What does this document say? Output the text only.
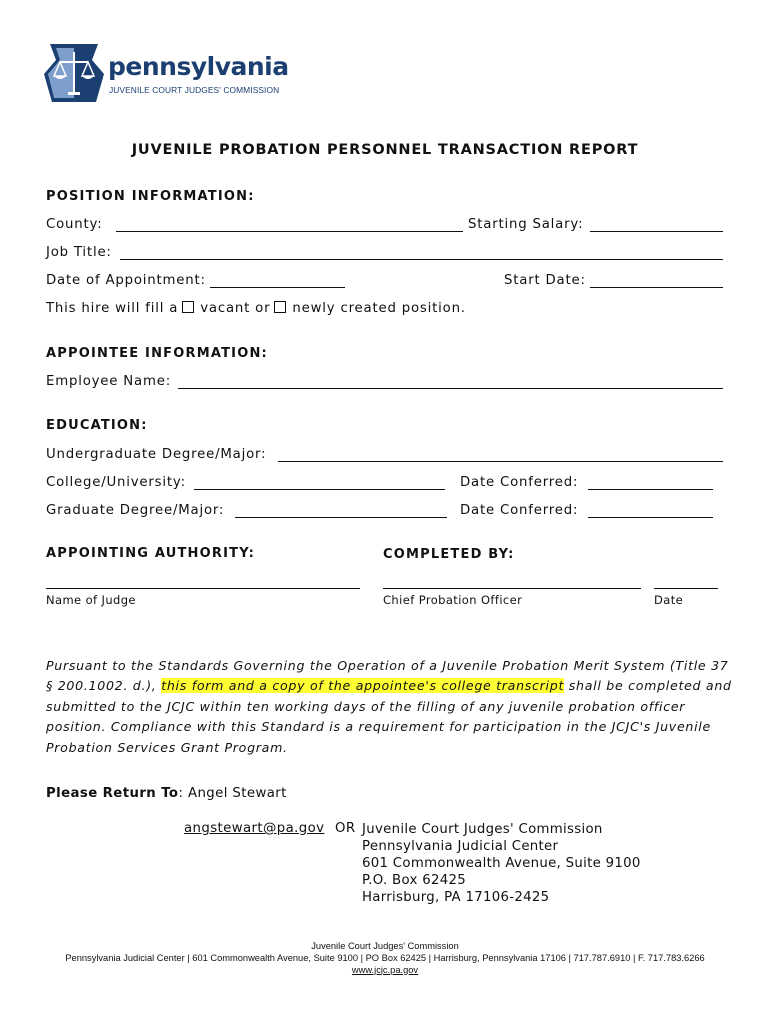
pennsylvania
JUVENILE COURT JUDGES' COMMISSION
JUVENILE PROBATION PERSONNEL TRANSACTION REPORT
POSITION INFORMATION:
County:	Starting Salary:
Job Title:
Date of Appointment:	Start Date:
This hire will fill a vacant or newly created position.
APPOINTEE INFORMATION:
Employee Name:
EDUCATION:
Undergraduate Degree/Major:
College/University:	Date Conferred:
Graduate Degree/Major:	Date Conferred:
APPOINTING AUTHORITY:	COMPLETED BY:
Name of Judge	Chief Probation Officer	Date
Pursuant to the Standards Governing the Operation of a Juvenile Probation Merit System (Title 37 § 200.1002. d.), this form and a copy of the appointee's college transcript shall be completed and submitted to the JCJC within ten working days of the filling of any juvenile probation officer position. Compliance with this Standard is a requirement for participation in the JCJC's Juvenile Probation Services Grant Program.
Please Return To: Angel Stewart
angstewart@pa.gov OR Juvenile Court Judges' Commission
Pennsylvania Judicial Center
601 Commonwealth Avenue, Suite 9100
P.O. Box 62425
Harrisburg, PA 17106-2425
Juvenile Court Judges' Commission
Pennsylvania Judicial Center | 601 Commonwealth Avenue, Suite 9100 | PO Box 62425 | Harrisburg, Pennsylvania 17106 | 717.787.6910 | F. 717.783.6266
www.jcjc.pa.gov
